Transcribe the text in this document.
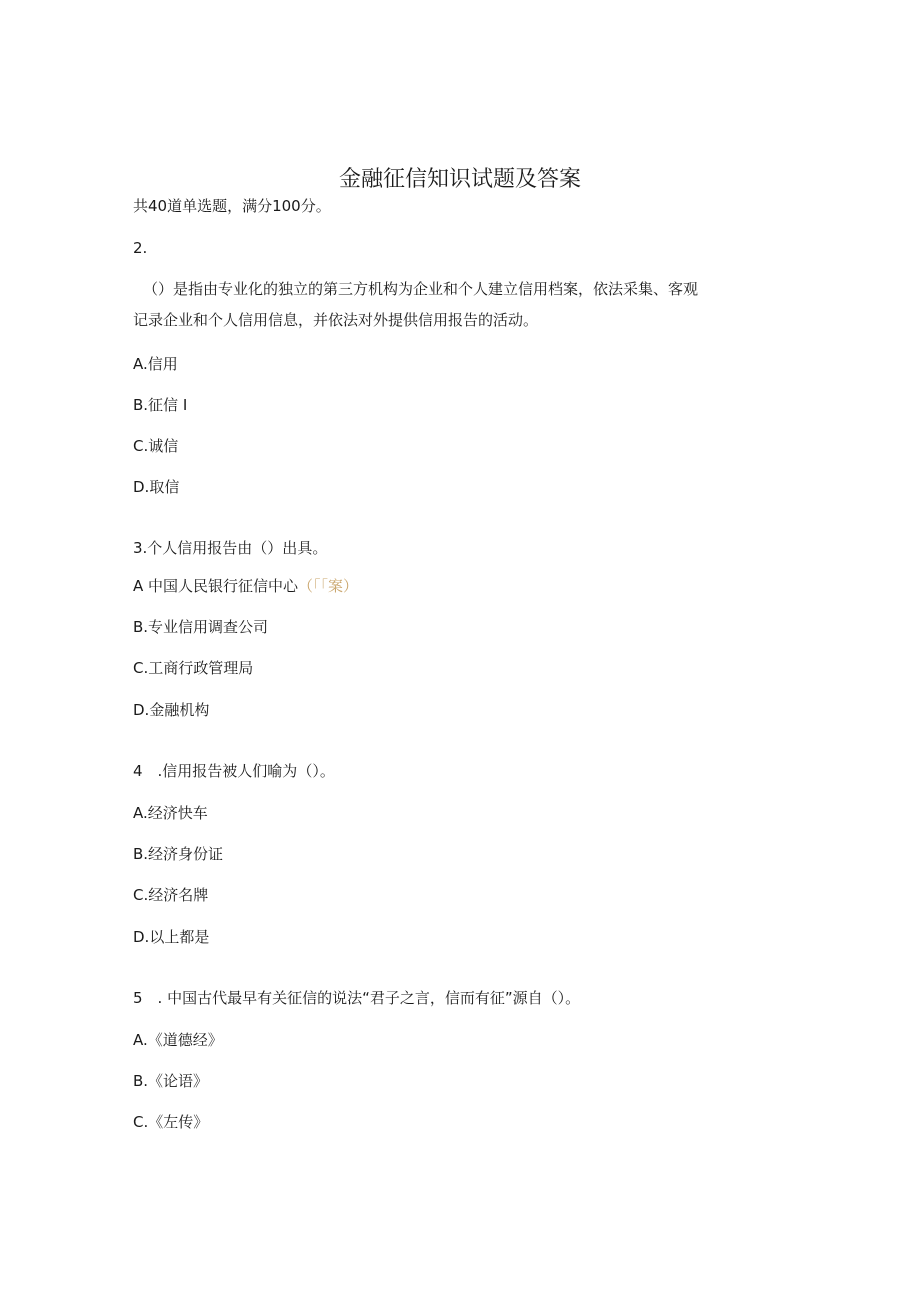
金融征信知识试题及答案
共40道单选题，满分100分。
2.
（）是指由专业化的独立的第三方机构为企业和个人建立信用档案，依法采集、客观
记录企业和个人信用信息，并依法对外提供信用报告的活动。
A.信用
B.征信 I
C.诚信
D.取信
3.个人信用报告由（）出具。
A 中国人民银行征信中心（「「案）
B.专业信用调查公司
C.工商行政管理局
D.金融机构
4　.信用报告被人们喻为（）。
A.经济快车
B.经济身份证
C.经济名牌
D.以上都是
5　. 中国古代最早有关征信的说法“君子之言，信而有征”源自（）。
A.《道德经》
B.《论语》
C.《左传》
